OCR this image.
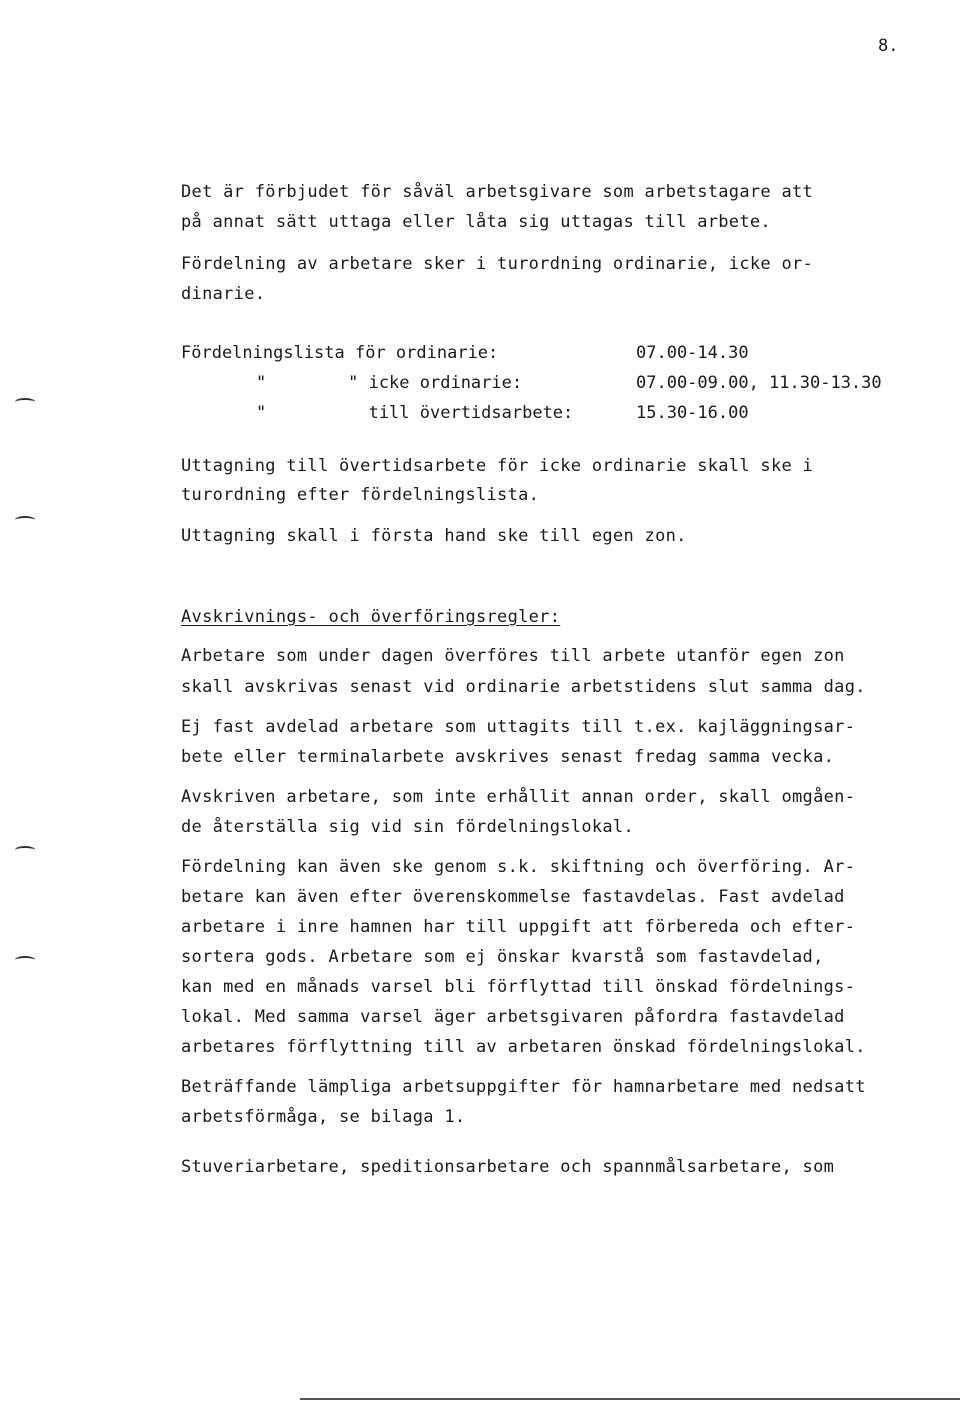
8.
Det är förbjudet för såväl arbetsgivare som arbetstagare att
på annat sätt uttaga eller låta sig uttagas till arbete.
Fördelning av arbetare sker i turordning ordinarie, icke or-
dinarie.
Fördelningslista för ordinarie:	07.00-14.30
"        " icke ordinarie:	07.00-09.00, 11.30-13.30
"          till övertidsarbete:	15.30-16.00
Uttagning till övertidsarbete för icke ordinarie skall ske i
turordning efter fördelningslista.
Uttagning skall i första hand ske till egen zon.
Avskrivnings- och överföringsregler:
Arbetare som under dagen överföres till arbete utanför egen zon
skall avskrivas senast vid ordinarie arbetstidens slut samma dag.
Ej fast avdelad arbetare som uttagits till t.ex. kajläggningsar-
bete eller terminalarbete avskrives senast fredag samma vecka.
Avskriven arbetare, som inte erhållit annan order, skall omgåen-
de återställa sig vid sin fördelningslokal.
Fördelning kan även ske genom s.k. skiftning och överföring. Ar-
betare kan även efter överenskommelse fastavdelas. Fast avdelad
arbetare i inre hamnen har till uppgift att förbereda och efter-
sortera gods. Arbetare som ej önskar kvarstå som fastavdelad,
kan med en månads varsel bli förflyttad till önskad fördelnings-
lokal. Med samma varsel äger arbetsgivaren påfordra fastavdelad
arbetares förflyttning till av arbetaren önskad fördelningslokal.
Beträffande lämpliga arbetsuppgifter för hamnarbetare med nedsatt
arbetsförmåga, se bilaga 1.
Stuveriarbetare, speditionsarbetare och spannmålsarbetare, som
